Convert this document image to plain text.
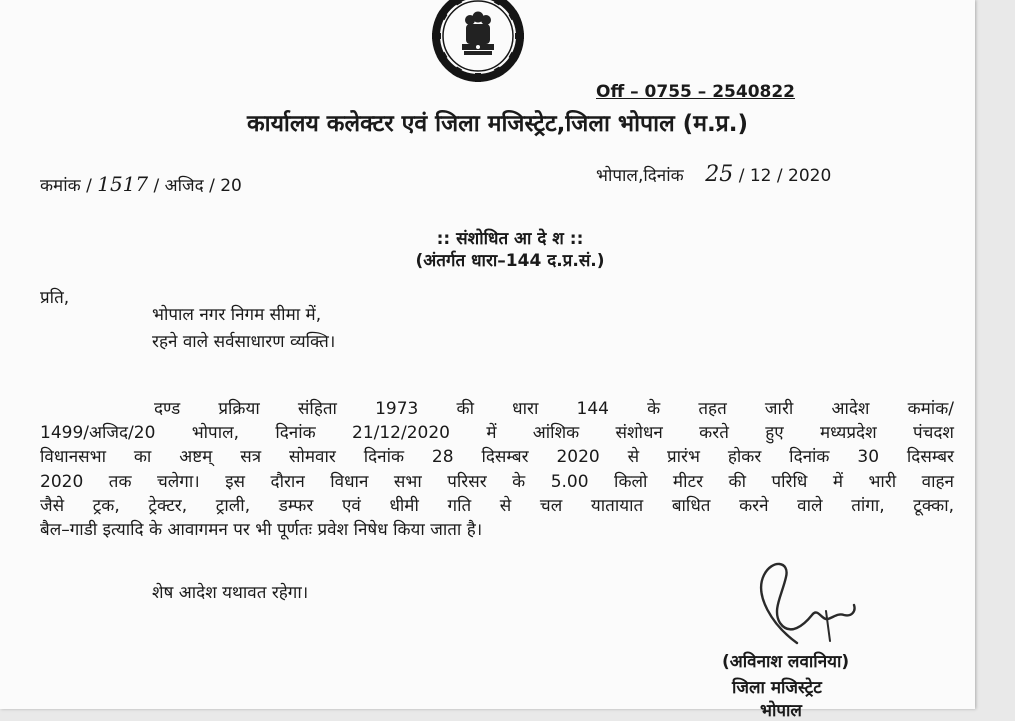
Off – 0755 – 2540822
कार्यालय कलेक्टर एवं जिला मजिस्ट्रेट,जिला भोपाल (म.प्र.)
कमांक / 1517 / अजिद / 20	भोपाल,दिनांक 25 / 12 / 2020
:: संशोधित आ दे श ::
(अंतर्गत धारा–144 द.प्र.सं.)
प्रति,
भोपाल नगर निगम सीमा में,
रहने वाले सर्वसाधारण व्यक्ति।
दण्ड प्रक्रिया संहिता 1973 की धारा 144 के तहत जारी आदेश कमांक/
1499/अजिद/20 भोपाल, दिनांक 21/12/2020 में आंशिक संशोधन करते हुए मध्यप्रदेश पंचदश
विधानसभा का अष्टम् सत्र सोमवार दिनांक 28 दिसम्बर 2020 से प्रारंभ होकर दिनांक 30 दिसम्बर
2020 तक चलेगा। इस दौरान विधान सभा परिसर के 5.00 किलो मीटर की परिधि में भारी वाहन
जैसे ट्रक, ट्रेक्टर, ट्राली, डम्फर एवं धीमी गति से चल यातायात बाधित करने वाले तांगा, टूक्का,
बैल–गाडी इत्यादि के आवागमन पर भी पूर्णतः प्रवेश निषेध किया जाता है।
शेष आदेश यथावत रहेगा।
(अविनाश लवानिया)
जिला मजिस्ट्रेट
भोपाल
